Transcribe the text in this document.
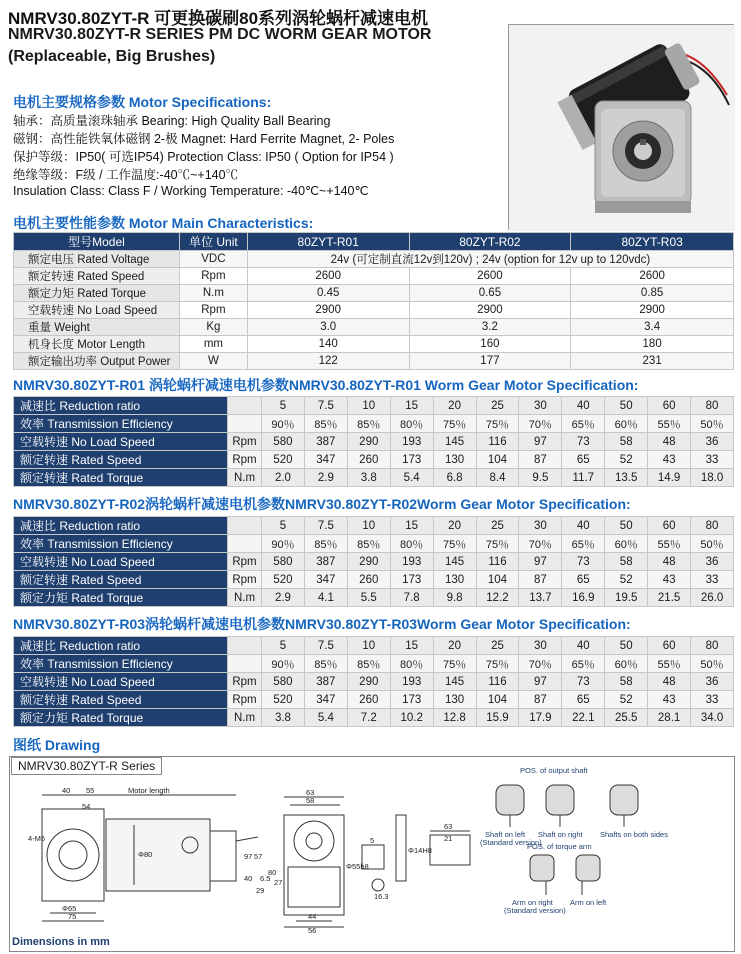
NMRV30.80ZYT-R 可更换碳刷80系列涡轮蜗杆减速电机
NMRV30.80ZYT-R SERIES PM DC WORM GEAR MOTOR
(Replaceable, Big Brushes)
电机主要规格参数 Motor Specifications:
轴承：高质量滚珠轴承 Bearing: High Quality Ball Bearing
磁钢：高性能铁氧体磁钢 2-极 Magnet: Hard Ferrite Magnet, 2- Poles
保护等级：IP50( 可选IP54) Protection Class: IP50 ( Option for IP54 )
绝缘等级：F级 / 工作温度:-40℃~+140℃
Insulation Class: Class F / Working Temperature: -40℃~+140℃
电机主要性能参数 Motor Main Characteristics:
型号Model	单位 Unit	80ZYT-R01	80ZYT-R02	80ZYT-R03
额定电压 Rated Voltage	VDC	24v (可定制直流12v到120v) ; 24v (option for 12v up to 120vdc)		
额定转速 Rated Speed	Rpm	2600	2600	2600
额定力矩 Rated Torque	N.m	0.45	0.65	0.85
空载转速 No Load Speed	Rpm	2900	2900	2900
重量 Weight	Kg	3.0	3.2	3.4
机身长度 Motor Length	mm	140	160	180
额定输出功率 Output Power	W	122	177	231
NMRV30.80ZYT-R01 涡轮蜗杆减速电机参数NMRV30.80ZYT-R01 Worm Gear Motor Specification:
减速比 Reduction ratio		5	7.5	10	15	20	25	30	40	50	60	80
效率 Transmission Efficiency		90％	85％	85％	80％	75％	75％	70％	65％	60％	55％	50％
空载转速 No Load Speed	Rpm	580	387	290	193	145	116	97	73	58	48	36
额定转速 Rated Speed	Rpm	520	347	260	173	130	104	87	65	52	43	33
额定转速 Rated Torque	N.m	2.0	2.9	3.8	5.4	6.8	8.4	9.5	11.7	13.5	14.9	18.0
NMRV30.80ZYT-R02涡轮蜗杆减速电机参数NMRV30.80ZYT-R02Worm Gear Motor Specification:
减速比 Reduction ratio		5	7.5	10	15	20	25	30	40	50	60	80
效率 Transmission Efficiency		90％	85％	85％	80％	75％	75％	70％	65％	60％	55％	50％
空载转速 No Load Speed	Rpm	580	387	290	193	145	116	97	73	58	48	36
额定转速 Rated Speed	Rpm	520	347	260	173	130	104	87	65	52	43	33
额定力矩 Rated Torque	N.m	2.9	4.1	5.5	7.8	9.8	12.2	13.7	16.9	19.5	21.5	26.0
NMRV30.80ZYT-R03涡轮蜗杆减速电机参数NMRV30.80ZYT-R03Worm Gear Motor Specification:
减速比 Reduction ratio		5	7.5	10	15	20	25	30	40	50	60	80
效率 Transmission Efficiency		90％	85％	85％	80％	75％	75％	70％	65％	60％	55％	50％
空载转速 No Load Speed	Rpm	580	387	290	193	145	116	97	73	58	48	36
额定转速 Rated Speed	Rpm	520	347	260	173	130	104	87	65	52	43	33
额定力矩 Rated Torque	N.m	3.8	5.4	7.2	10.2	12.8	15.9	17.9	22.1	25.5	28.1	34.0
图纸 Drawing
NMRV30.80ZYT-R Series
40 55	Motor length
54
4-M6
Φ80
Φ65
75
63
58
97 57
80
40 6.5 27
29
44
56
Φ55h8
5
Φ14H8
21
63
16.3
POS. of output shaft
Shaft on left
(Standard version)
Shaft on right Shafts on both sides
POS. of torque arm
Arm on right
(Standard version)
Arm on left
Dimensions in mm
